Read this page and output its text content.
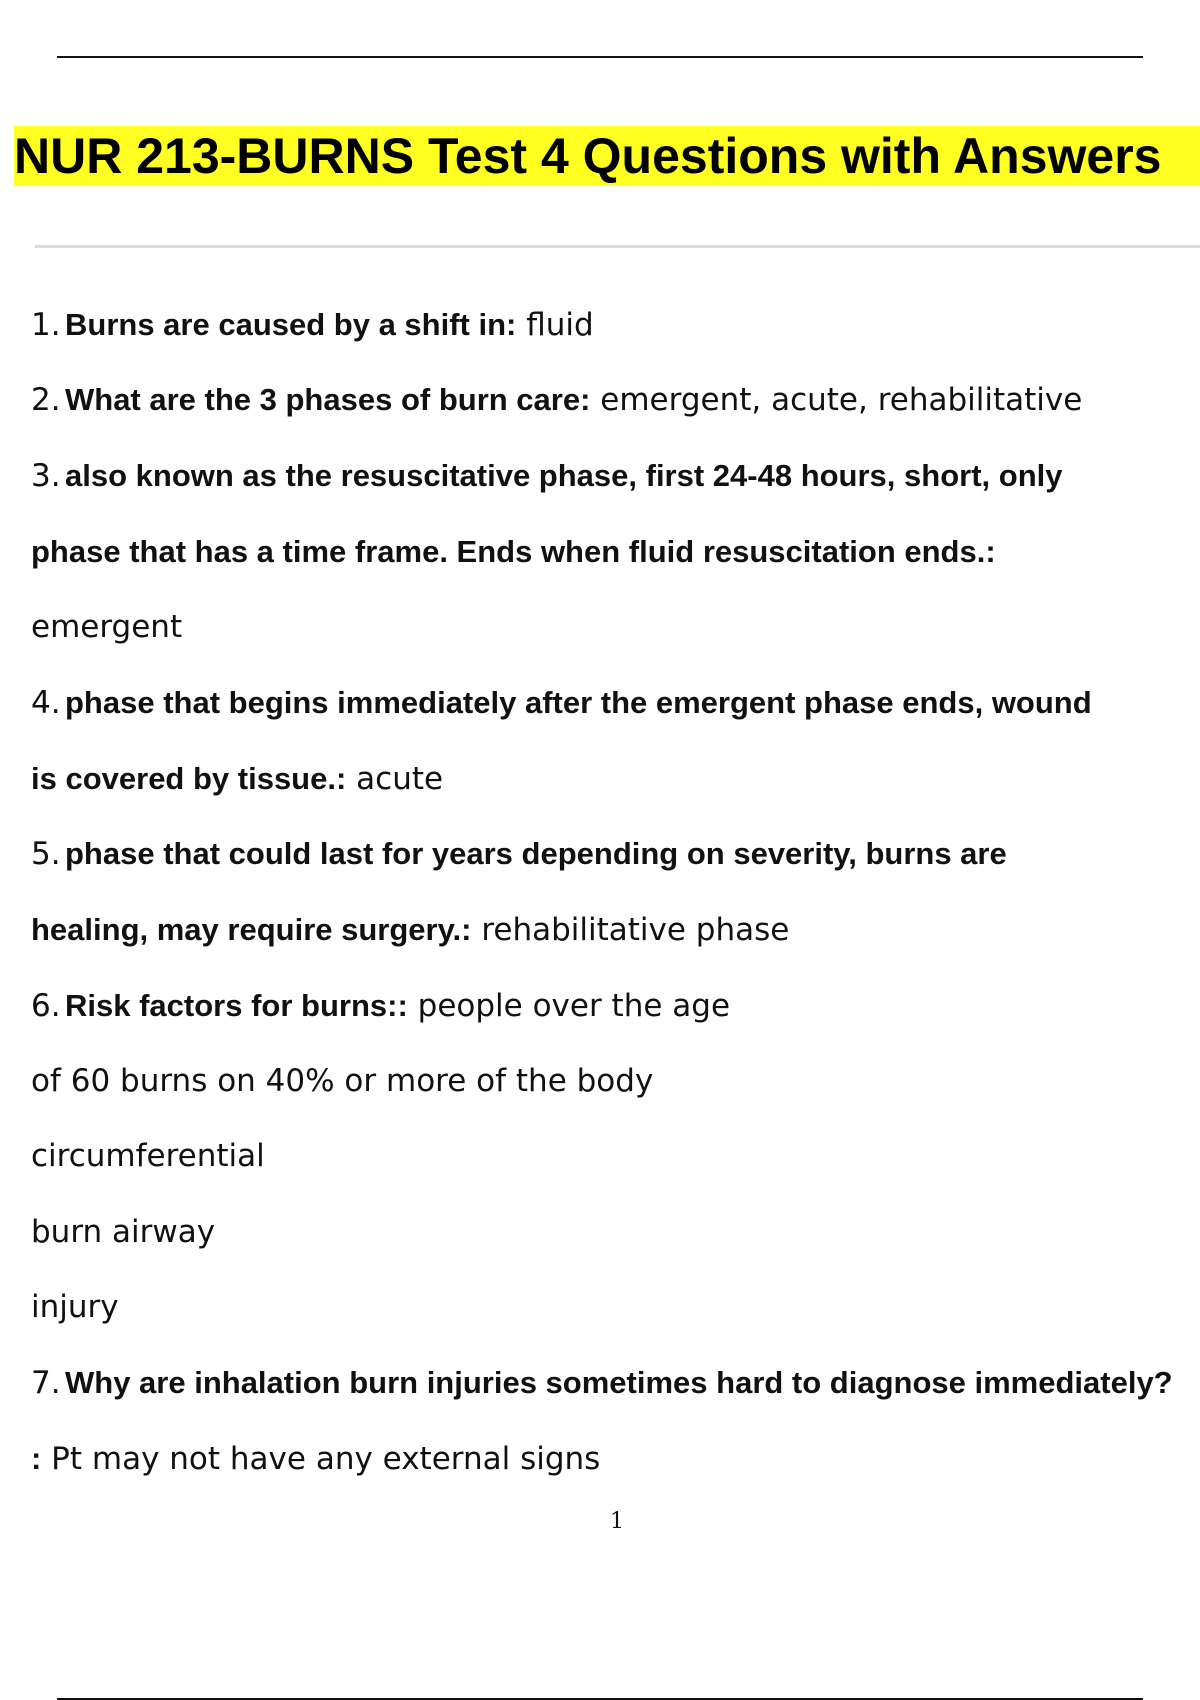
NUR 213-BURNS Test 4 Questions with Answers
1. Burns are caused by a shift in: fluid
2. What are the 3 phases of burn care: emergent, acute, rehabilitative
3. also known as the resuscitative phase, first 24-48 hours, short, only
phase that has a time frame. Ends when fluid resuscitation ends.:
emergent
4. phase that begins immediately after the emergent phase ends, wound
is covered by tissue.: acute
5. phase that could last for years depending on severity, burns are
healing, may require surgery.: rehabilitative phase
6. Risk factors for burns:: people over the age
of 60 burns on 40% or more of the body
circumferential
burn airway
injury
7. Why are inhalation burn injuries sometimes hard to diagnose immediately?
: Pt may not have any external signs
1
